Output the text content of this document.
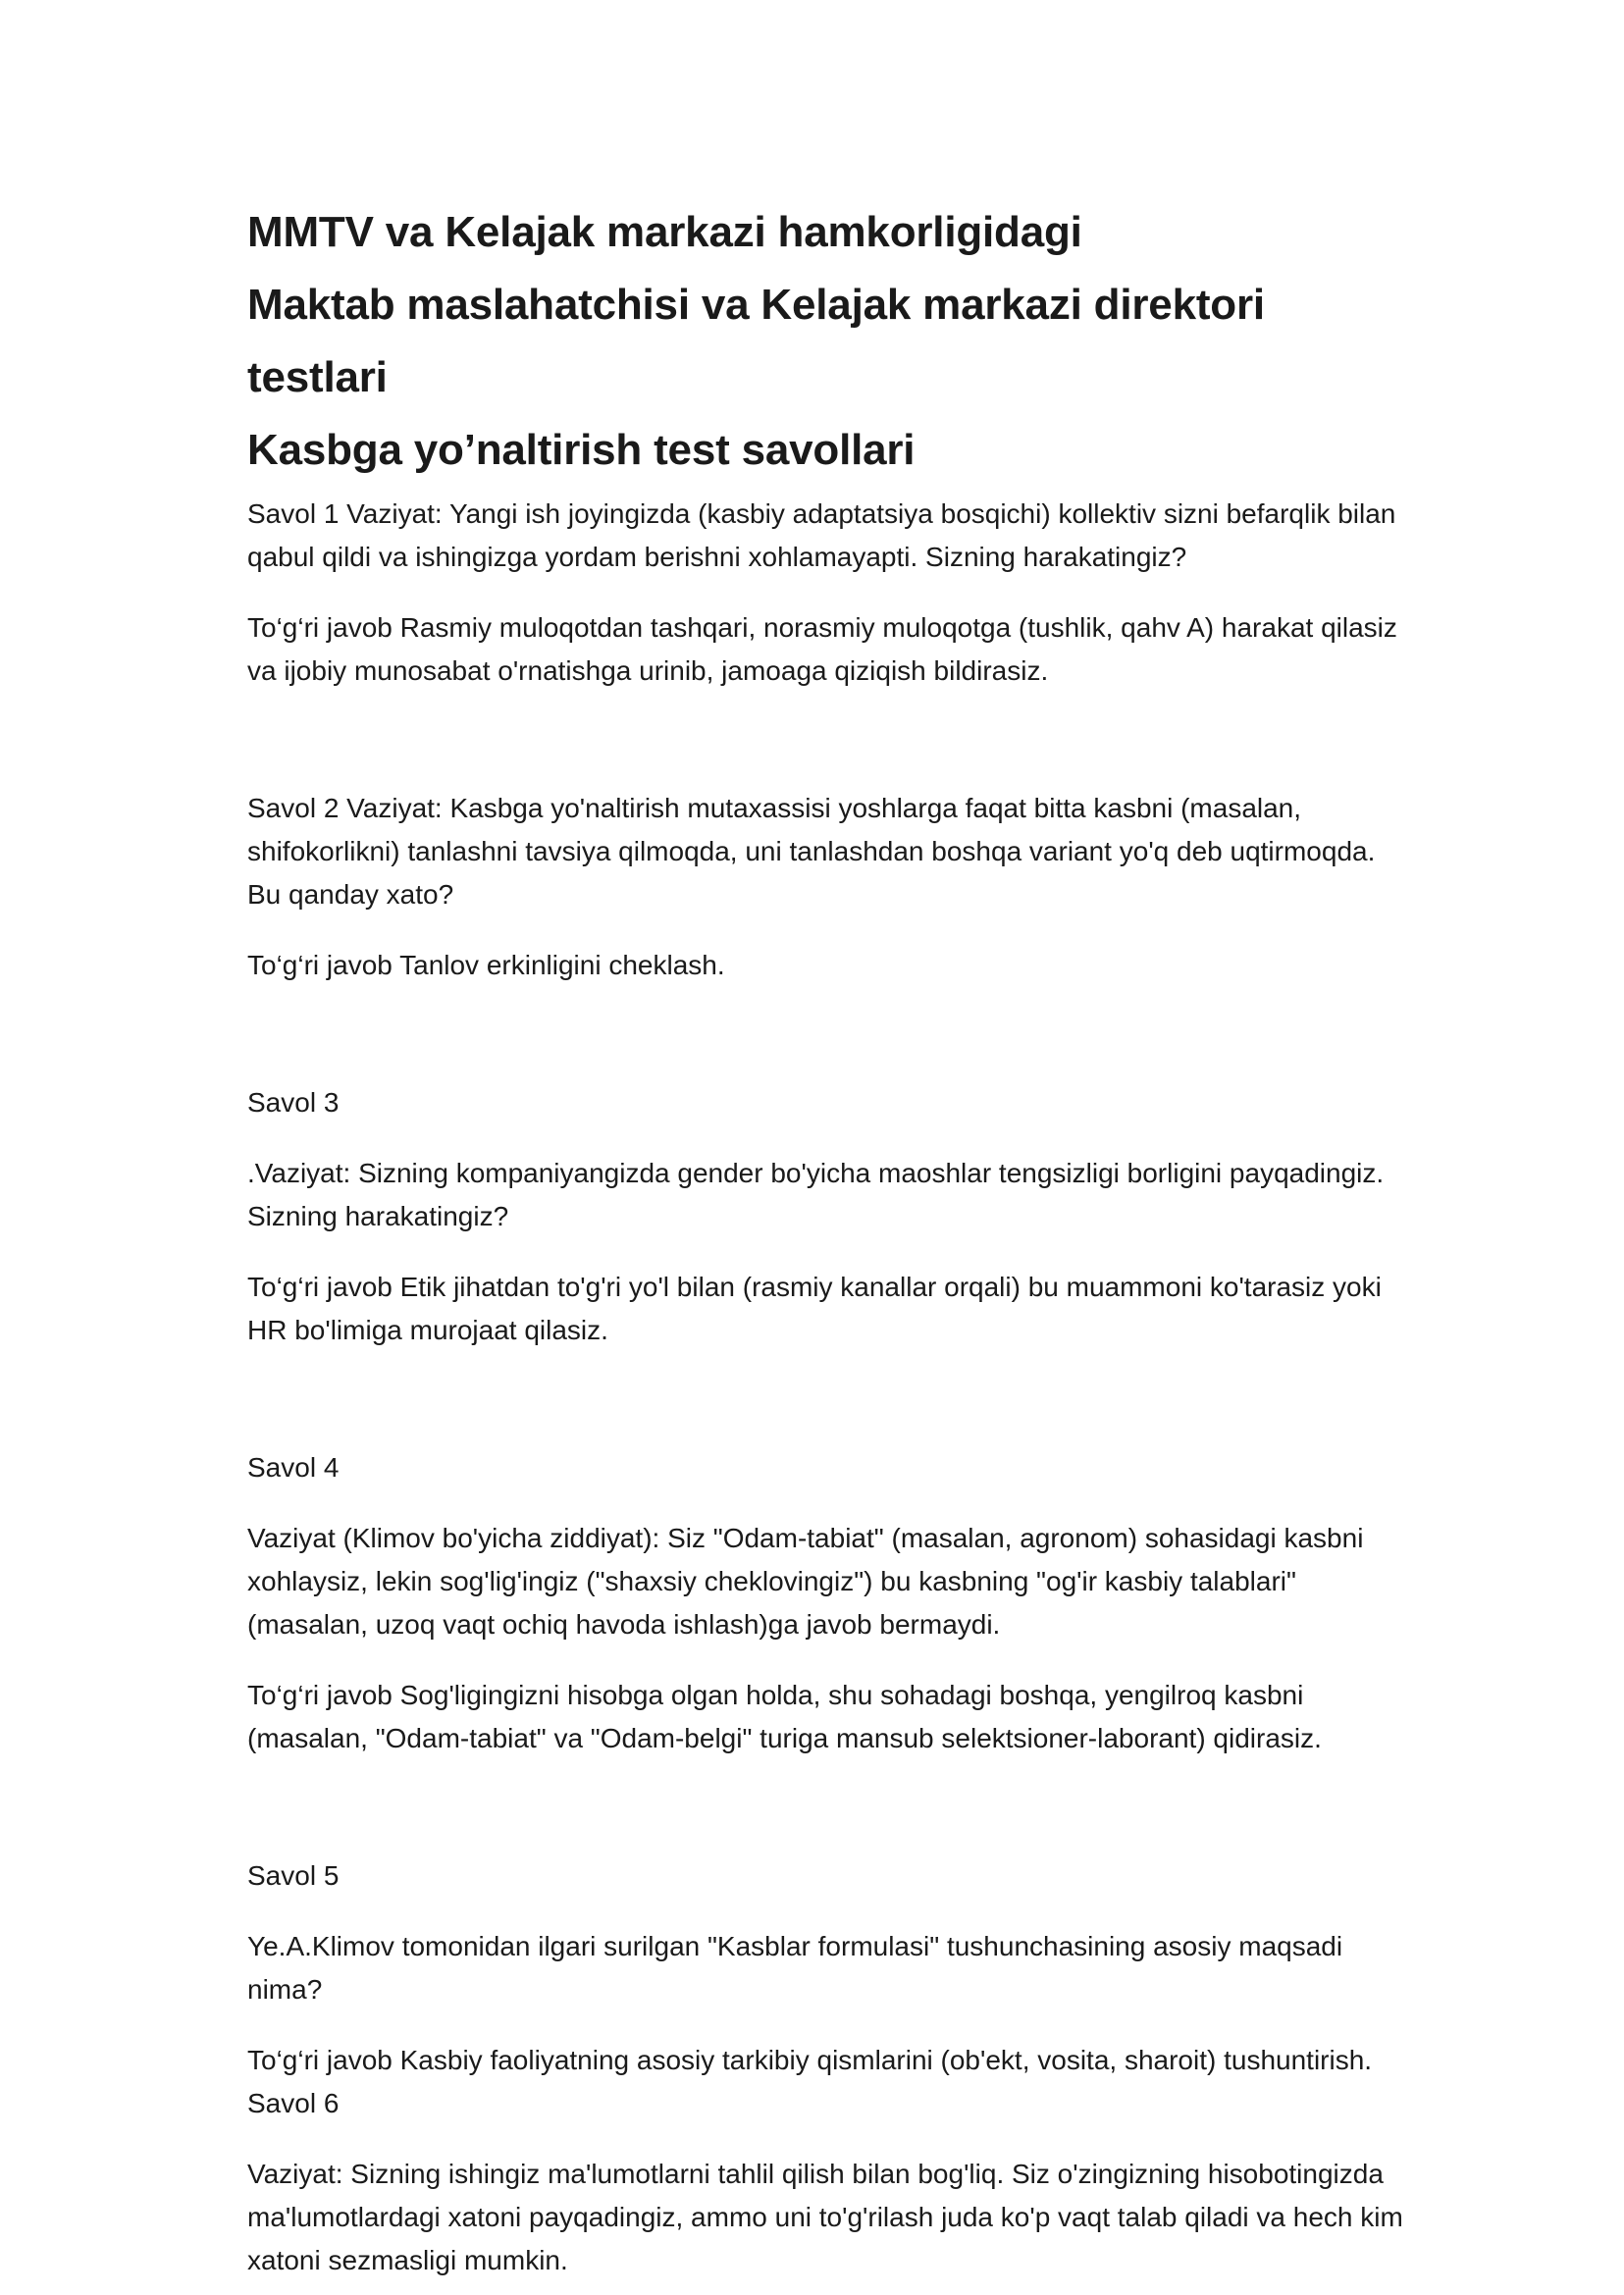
MMTV va Kelajak markazi hamkorligidagi
Maktab maslahatchisi va Kelajak markazi direktori testlari
Kasbga yo’naltirish test savollari

Savol 1 Vaziyat: Yangi ish joyingizda (kasbiy adaptatsiya bosqichi) kollektiv sizni befarqlik bilan qabul qildi va ishingizga yordam berishni xohlamayapti. Sizning harakatingiz?

To‘g‘ri javob Rasmiy muloqotdan tashqari, norasmiy muloqotga (tushlik, qahv A) harakat qilasiz va ijobiy munosabat o'rnatishga urinib, jamoaga qiziqish bildirasiz.

Savol 2 Vaziyat: Kasbga yo'naltirish mutaxassisi yoshlarga faqat bitta kasbni (masalan, shifokorlikni) tanlashni tavsiya qilmoqda, uni tanlashdan boshqa variant yo'q deb uqtirmoqda. Bu qanday xato?

To‘g‘ri javob Tanlov erkinligini cheklash.

Savol 3

.Vaziyat: Sizning kompaniyangizda gender bo'yicha maoshlar tengsizligi borligini payqadingiz. Sizning harakatingiz?

To‘g‘ri javob Etik jihatdan to'g'ri yo'l bilan (rasmiy kanallar orqali) bu muammoni ko'tarasiz yoki HR bo'limiga murojaat qilasiz.

Savol 4

Vaziyat (Klimov bo'yicha ziddiyat): Siz "Odam-tabiat" (masalan, agronom) sohasidagi kasbni xohlaysiz, lekin sog'lig'ingiz ("shaxsiy cheklovingiz") bu kasbning "og'ir kasbiy talablari" (masalan, uzoq vaqt ochiq havoda ishlash)ga javob bermaydi.

To‘g‘ri javob Sog'ligingizni hisobga olgan holda, shu sohadagi boshqa, yengilroq kasbni (masalan, "Odam-tabiat" va "Odam-belgi" turiga mansub selektsioner-laborant) qidirasiz.

Savol 5

Ye.A.Klimov tomonidan ilgari surilgan "Kasblar formulasi" tushunchasining asosiy maqsadi nima?

To‘g‘ri javob Kasbiy faoliyatning asosiy tarkibiy qismlarini (ob'ekt, vosita, sharoit) tushuntirish.

Savol 6

Vaziyat: Sizning ishingiz ma'lumotlarni tahlil qilish bilan bog'liq. Siz o'zingizning hisobotingizda ma'lumotlardagi xatoni payqadingiz, ammo uni to'g'rilash juda ko'p vaqt talab qiladi va hech kim xatoni sezmasligi mumkin.
